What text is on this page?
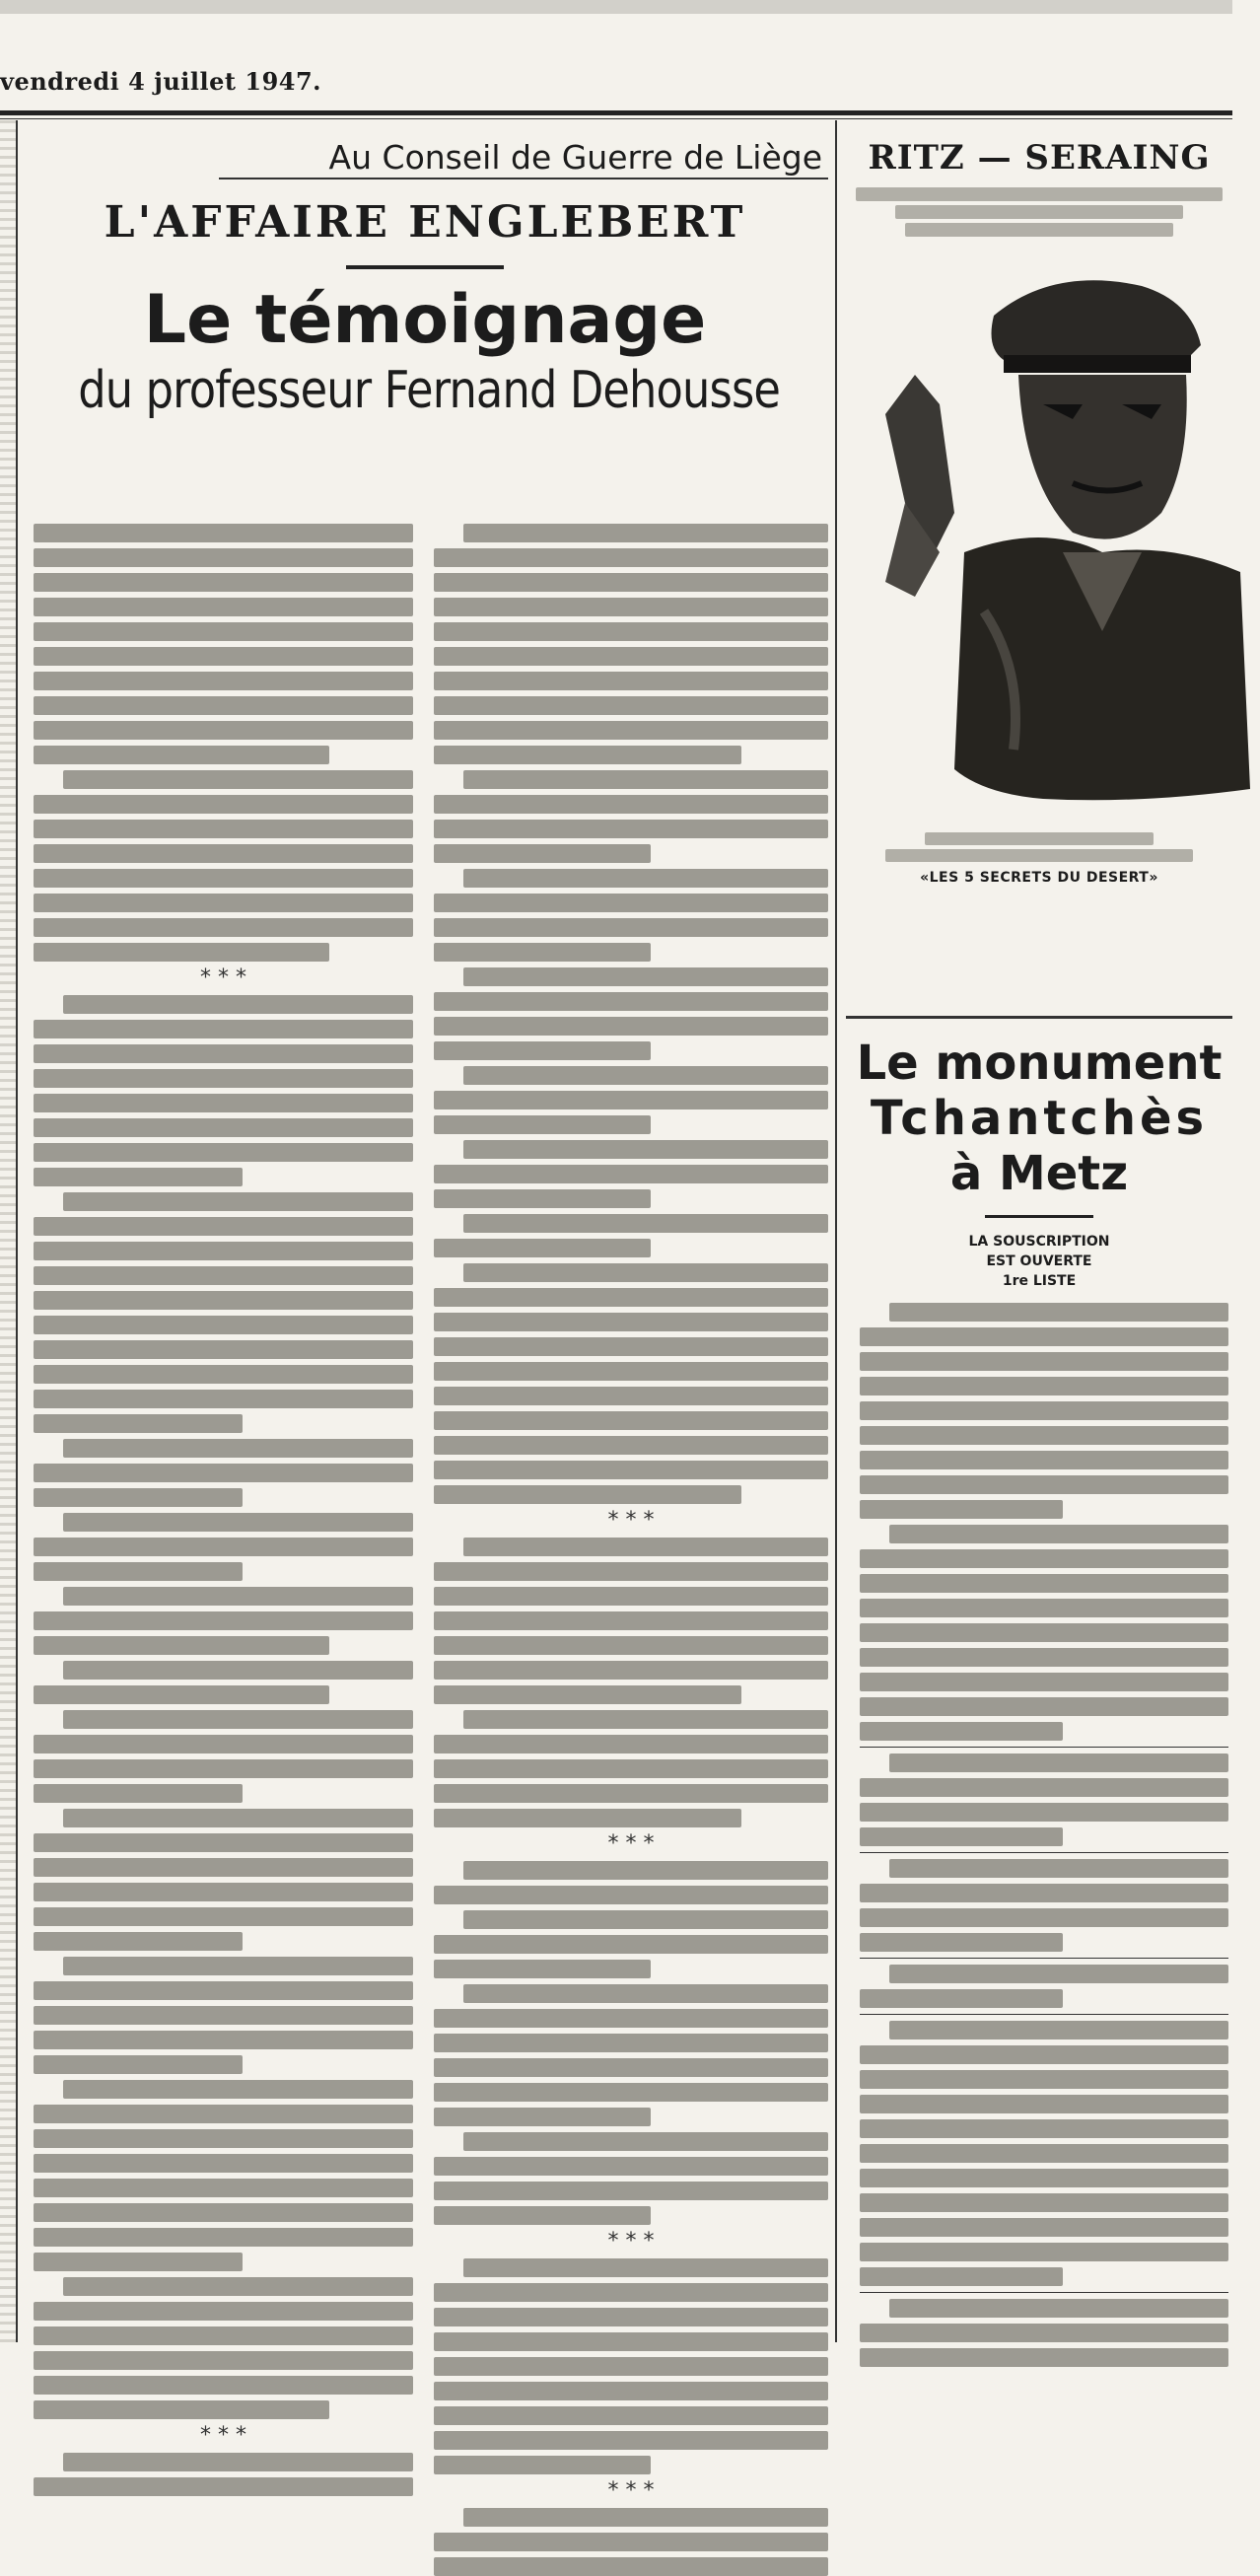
vendredi 4 juillet 1947.
Au Conseil de Guerre de Liège
L'AFFAIRE ENGLEBERT
Le témoignage
du professeur Fernand Dehousse
* * *
* * *
* * *
* * *
* * *
* * *
RITZ — SERAING
«LES 5 SECRETS DU DESERT»
Le monument
Tchantchès
à Metz
LA SOUSCRIPTION
EST OUVERTE
1re LISTE
